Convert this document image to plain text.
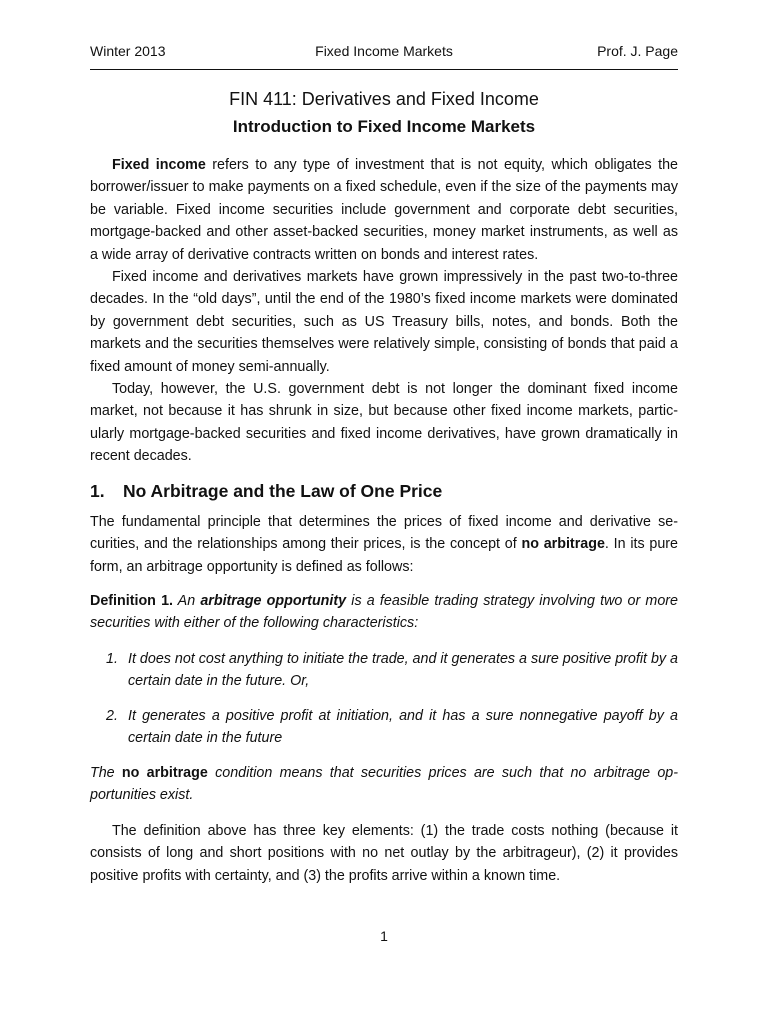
Winter 2013	Fixed Income Markets	Prof. J. Page
FIN 411: Derivatives and Fixed Income
Introduction to Fixed Income Markets

Fixed income refers to any type of investment that is not equity, which obligates the borrower/issuer to make payments on a fixed schedule, even if the size of the payments may be variable. Fixed income securities include government and corporate debt securities, mortgage-backed and other asset-backed securities, money market instruments, as well as a wide array of derivative contracts written on bonds and interest rates.

Fixed income and derivatives markets have grown impressively in the past two-to-three decades. In the “old days”, until the end of the 1980’s fixed income markets were dominated by government debt securities, such as US Treasury bills, notes, and bonds. Both the markets and the securities themselves were relatively simple, consisting of bonds that paid a fixed amount of money semi-annually.

Today, however, the U.S. government debt is not longer the dominant fixed income market, not because it has shrunk in size, but because other fixed income markets, particularly mortgage-backed securities and fixed income derivatives, have grown dramatically in recent decades.

1. No Arbitrage and the Law of One Price

The fundamental principle that determines the prices of fixed income and derivative securities, and the relationships among their prices, is the concept of no arbitrage. In its pure form, an arbitrage opportunity is defined as follows:

Definition 1. An arbitrage opportunity is a feasible trading strategy involving two or more securities with either of the following characteristics:
1. It does not cost anything to initiate the trade, and it generates a sure positive profit by a certain date in the future. Or,
2. It generates a positive profit at initiation, and it has a sure nonnegative payoff by a certain date in the future
The no arbitrage condition means that securities prices are such that no arbitrage opportunities exist.

The definition above has three key elements: (1) the trade costs nothing (because it consists of long and short positions with no net outlay by the arbitrageur), (2) it provides positive profits with certainty, and (3) the profits arrive within a known time.

1
